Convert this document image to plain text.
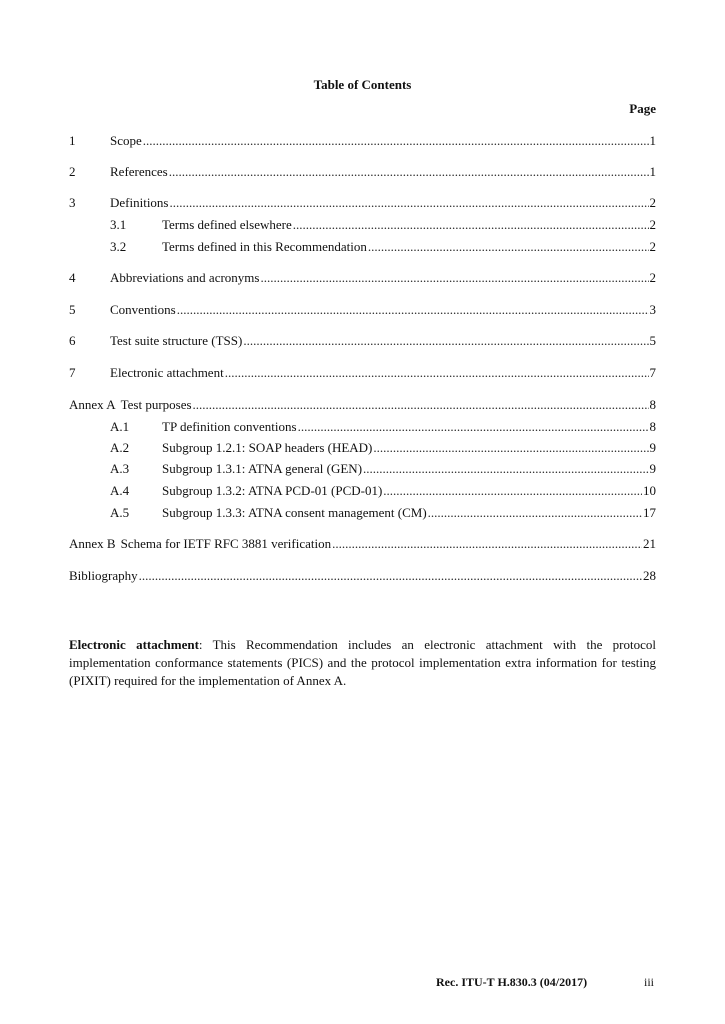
Table of Contents
Page
1	Scope .....	1
2	References .....	1
3	Definitions .....	2
3.1	Terms defined elsewhere .....	2
3.2	Terms defined in this Recommendation .....	2
4	Abbreviations and acronyms .....	2
5	Conventions .....	3
6	Test suite structure (TSS) .....	5
7	Electronic attachment .....	7
Annex A Test purposes .....	8
A.1	TP definition conventions .....	8
A.2	Subgroup 1.2.1: SOAP headers (HEAD) .....	9
A.3	Subgroup 1.3.1: ATNA general (GEN) .....	9
A.4	Subgroup 1.3.2: ATNA PCD-01 (PCD-01) .....	10
A.5	Subgroup 1.3.3: ATNA consent management (CM) .....	17
Annex B Schema for IETF RFC 3881 verification .....	21
Bibliography .....	28
Electronic attachment: This Recommendation includes an electronic attachment with the protocol implementation conformance statements (PICS) and the protocol implementation extra information for testing (PIXIT) required for the implementation of Annex A.
Rec. ITU-T H.830.3 (04/2017)	iii
